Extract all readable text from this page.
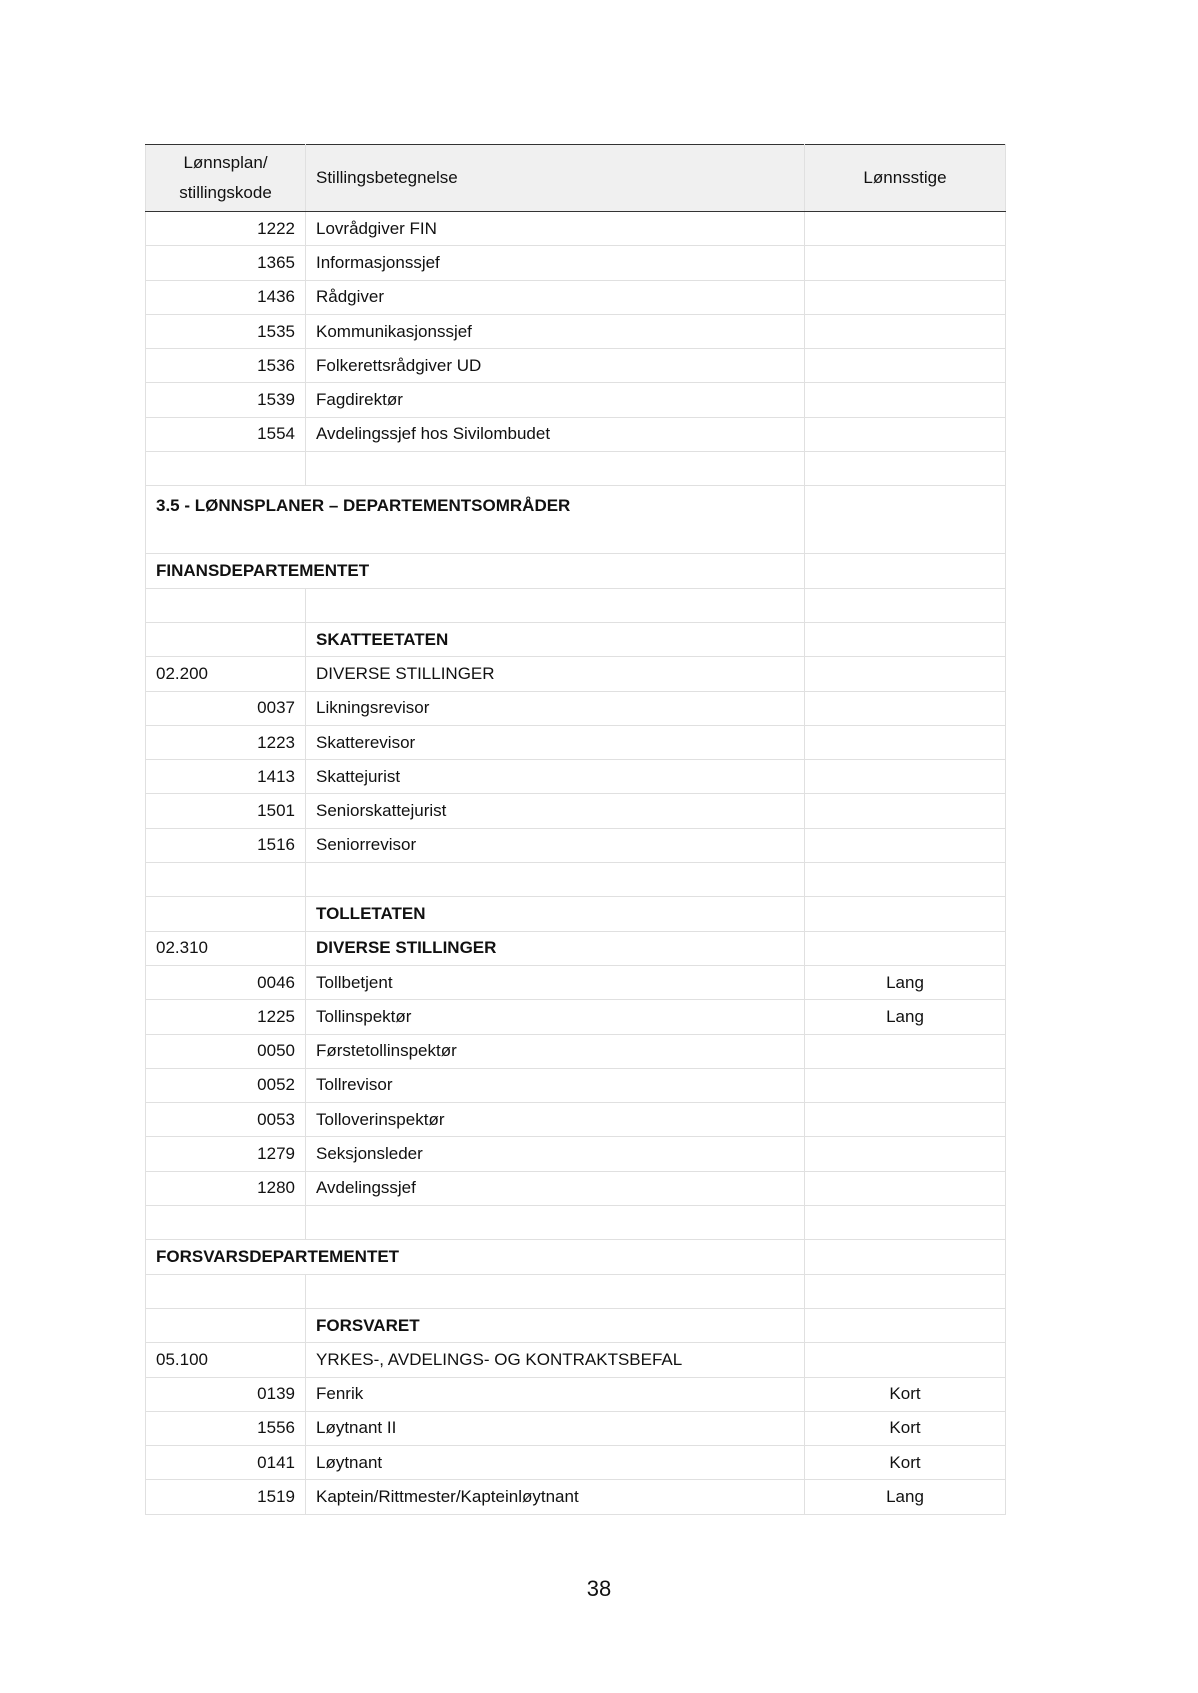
Lønnsplan/
stillingskode	Stillingsbetegnelse	Lønnsstige
1222	Lovrådgiver FIN	
1365	Informasjonssjef	
1436	Rådgiver	
1535	Kommunikasjonssjef	
1536	Folkerettsrådgiver UD	
1539	Fagdirektør	
1554	Avdelingssjef hos Sivilombudet	

3.5 - LØNNSPLANER – DEPARTEMENTSOMRÅDER		
FINANSDEPARTEMENTET		

	SKATTEETATEN	
02.200	DIVERSE STILLINGER	
0037	Likningsrevisor	
1223	Skatterevisor	
1413	Skattejurist	
1501	Seniorskattejurist	
1516	Seniorrevisor	

	TOLLETATEN	
02.310	DIVERSE STILLINGER	
0046	Tollbetjent	Lang
1225	Tollinspektør	Lang
0050	Førstetollinspektør	
0052	Tollrevisor	
0053	Tolloverinspektør	
1279	Seksjonsleder	
1280	Avdelingssjef	

FORSVARSDEPARTEMENTET		

	FORSVARET	
05.100	YRKES-, AVDELINGS- OG KONTRAKTSBEFAL	
0139	Fenrik	Kort
1556	Løytnant II	Kort
0141	Løytnant	Kort
1519	Kaptein/Rittmester/Kapteinløytnant	Lang
38
